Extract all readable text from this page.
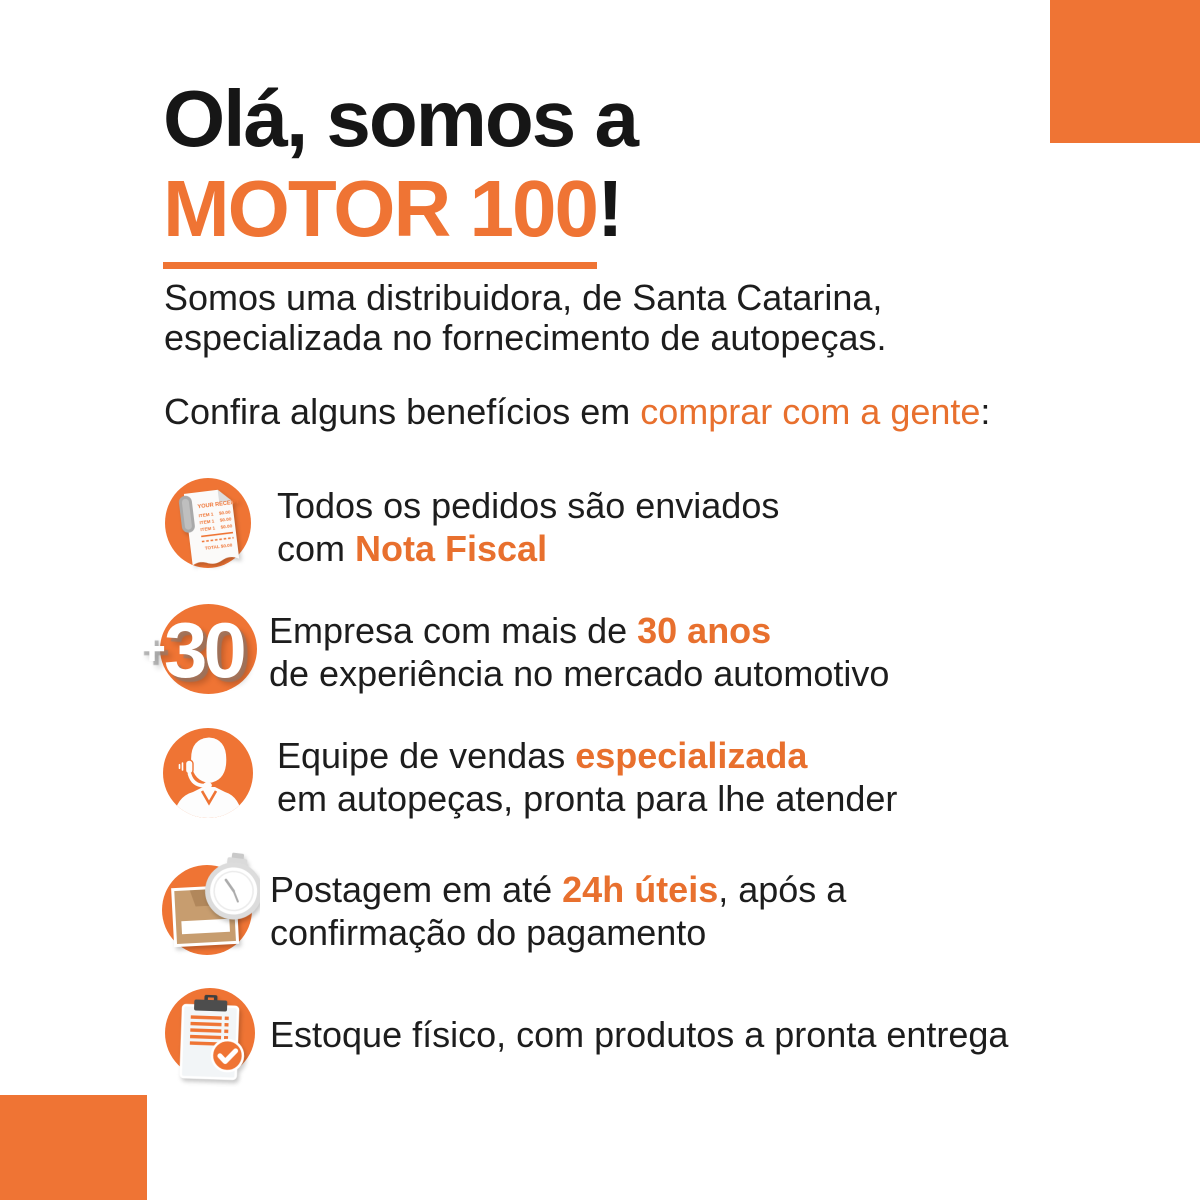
Olá, somos a
MOTOR 100!

Somos uma distribuidora, de Santa Catarina,
especializada no fornecimento de autopeças.

Confira alguns benefícios em comprar com a gente:

YOUR RECEIPT
ITEM 1 $0.00
ITEM 1 $0.00
ITEM 1 $0.00
TOTAL $0.00
Todos os pedidos são enviados
com Nota Fiscal
+30 Empresa com mais de 30 anos
de experiência no mercado automotivo
Equipe de vendas especializada
em autopeças, pronta para lhe atender
Postagem em até 24h úteis, após a
confirmação do pagamento
Estoque físico, com produtos a pronta entrega
